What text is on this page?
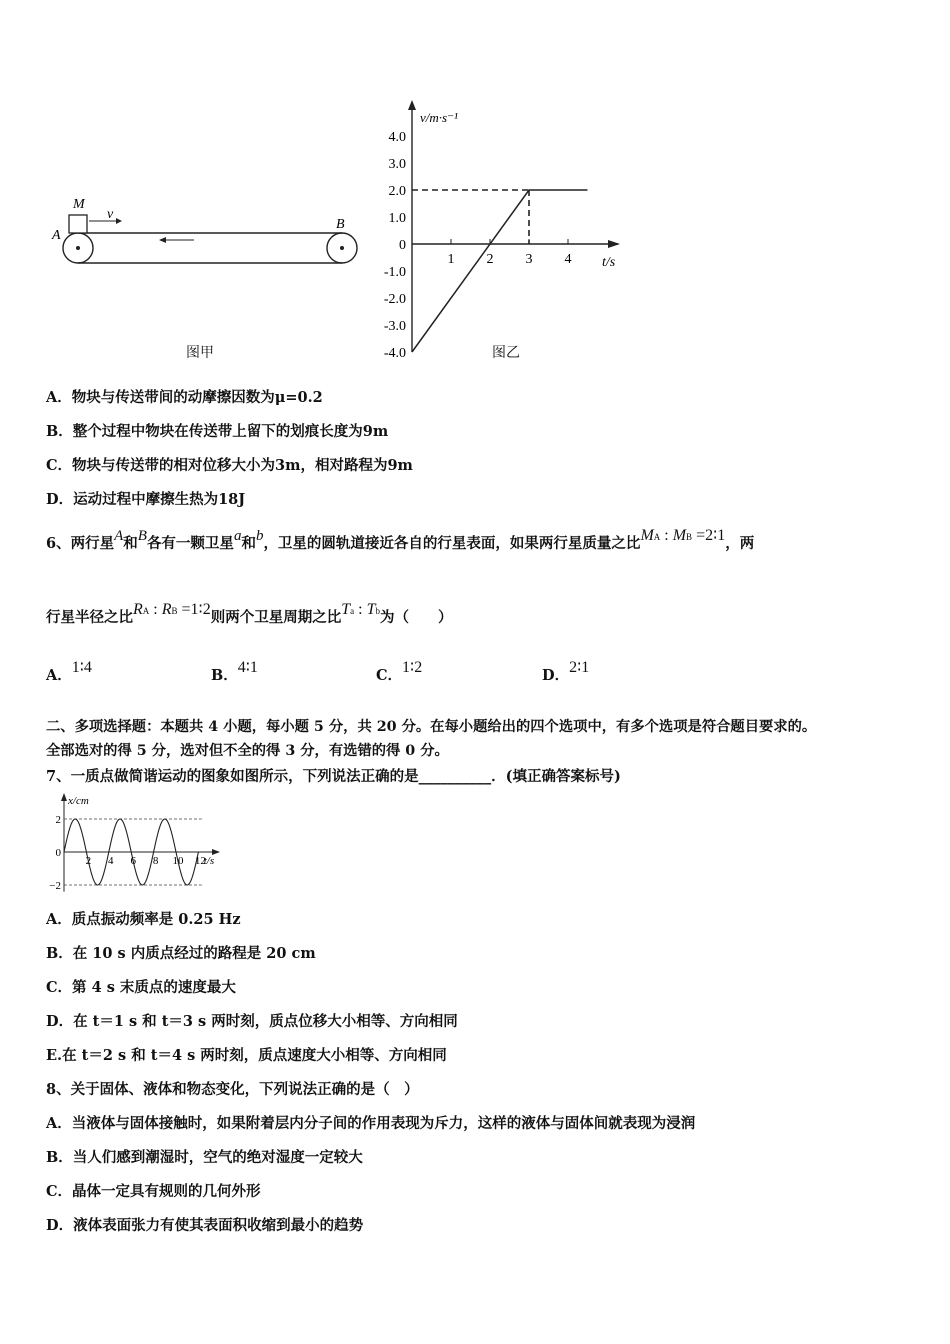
M
v
A
B
图甲
4.0
3.0
2.0
1.0
0
-1.0
-2.0
-3.0
-4.0
1 2 3 4
v/m·s⁻¹
t/s
图乙
A．物块与传送带间的动摩擦因数为μ=0.2
B．整个过程中物块在传送带上留下的划痕长度为9m
C．物块与传送带的相对位移大小为3m，相对路程为9m
D．运动过程中摩擦生热为18J
6、两行星A和B各有一颗卫星a和b，卫星的圆轨道接近各自的行星表面，如果两行星质量之比MA : MB =2∶1，两
行星半径之比RA : RB =1∶2则两个卫星周期之比Ta : Tb为（　　）
A．1∶4	B．4∶1	C．1∶2	D．2∶1
二、多项选择题：本题共 4 小题，每小题 5 分，共 20 分。在每小题给出的四个选项中，有多个选项是符合题目要求的。
全部选对的得 5 分，选对但不全的得 3 分，有选错的得 0 分。
7、一质点做简谐运动的图象如图所示，下列说法正确的是__________．(填正确答案标号)
2
0
−2
2 4 6 8 10 12
x/cm
t/s
A．质点振动频率是 0.25 Hz
B．在 10 s 内质点经过的路程是 20 cm
C．第 4 s 末质点的速度最大
D．在 t＝1 s 和 t＝3 s 两时刻，质点位移大小相等、方向相同
E.在 t＝2 s 和 t＝4 s 两时刻，质点速度大小相等、方向相同
8、关于固体、液体和物态变化，下列说法正确的是（　）
A．当液体与固体接触时，如果附着层内分子间的作用表现为斥力，这样的液体与固体间就表现为浸润
B．当人们感到潮湿时，空气的绝对湿度一定较大
C．晶体一定具有规则的几何外形
D．液体表面张力有使其表面积收缩到最小的趋势
